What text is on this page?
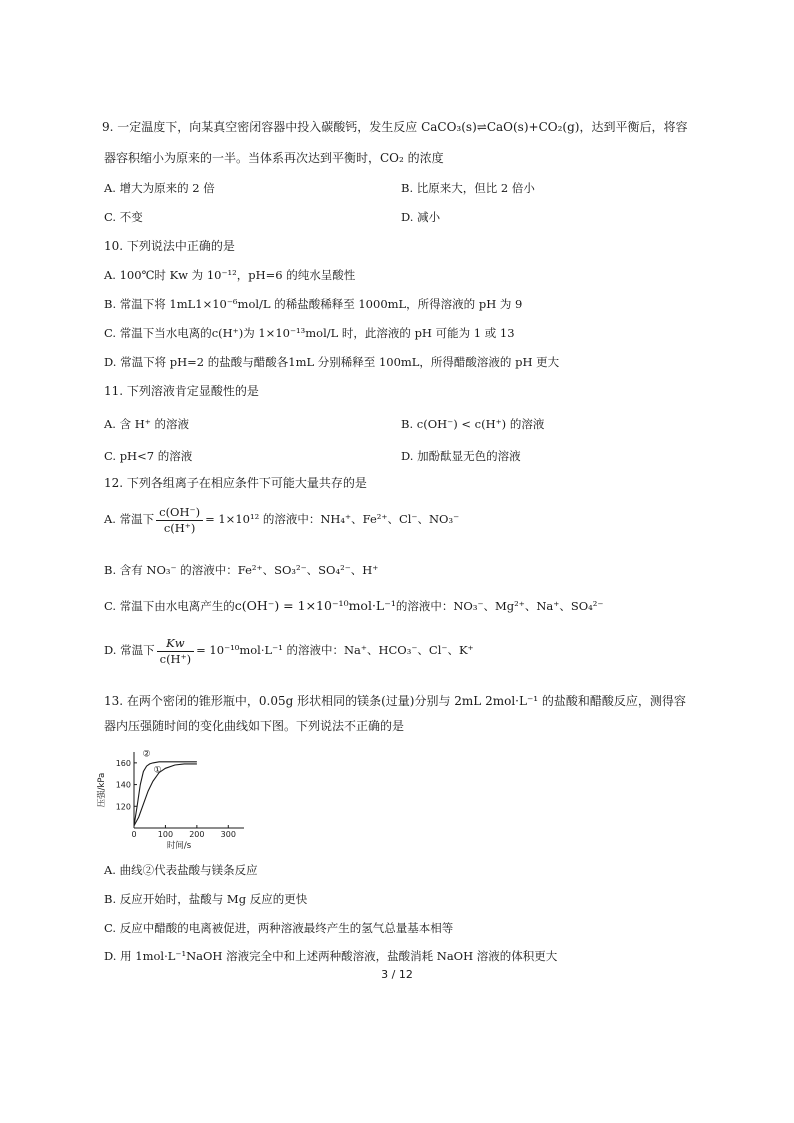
9. 一定温度下，向某真空密闭容器中投入碳酸钙，发生反应 CaCO₃(s)⇌CaO(s)+CO₂(g)，达到平衡后，将容
器容积缩小为原来的一半。当体系再次达到平衡时，CO₂ 的浓度
A. 增大为原来的 2 倍	B. 比原来大，但比 2 倍小
C. 不变	D. 减小
10. 下列说法中正确的是
A. 100℃时 Kw 为 10⁻¹²，pH=6 的纯水呈酸性
B. 常温下将 1mL1×10⁻⁶mol/L 的稀盐酸稀释至 1000mL，所得溶液的 pH 为 9
C. 常温下当水电离的c(H⁺)为 1×10⁻¹³mol/L 时，此溶液的 pH 可能为 1 或 13
D. 常温下将 pH=2 的盐酸与醋酸各1mL 分别稀释至 100mL，所得醋酸溶液的 pH 更大
11. 下列溶液肯定显酸性的是
A. 含 H⁺ 的溶液	B. c(OH⁻) < c(H⁺) 的溶液
C. pH<7 的溶液	D. 加酚酞显无色的溶液
12. 下列各组离子在相应条件下可能大量共存的是
A. 常温下 $\frac{c(OH^-)}{c(H^+)} = 1\times 10^{12}$ 的溶液中：NH₄⁺、Fe²⁺、Cl⁻、NO₃⁻
B. 含有 NO₃⁻ 的溶液中：Fe²⁺、SO₃²⁻、SO₄²⁻、H⁺
C. 常温下由水电离产生的c(OH⁻) = 1×10⁻¹⁰mol·L⁻¹的溶液中：NO₃⁻、Mg²⁺、Na⁺、SO₄²⁻
D. 常温下 $\frac{Kw}{c(H^+)} = 10^{-10}mol\cdot L^{-1}$ 的溶液中：Na⁺、HCO₃⁻、Cl⁻、K⁺
13. 在两个密闭的锥形瓶中，0.05g 形状相同的镁条(过量)分别与 2mL 2mol·L⁻¹ 的盐酸和醋酸反应，测得容
器内压强随时间的变化曲线如下图。下列说法不正确的是
0	100 200 300
120
140
160
②
①
时间/s
压强/kPa
A. 曲线②代表盐酸与镁条反应
B. 反应开始时，盐酸与 Mg 反应的更快
C. 反应中醋酸的电离被促进，两种溶液最终产生的氢气总量基本相等
D. 用 1mol·L⁻¹NaOH 溶液完全中和上述两种酸溶液，盐酸消耗 NaOH 溶液的体积更大
3 / 12
